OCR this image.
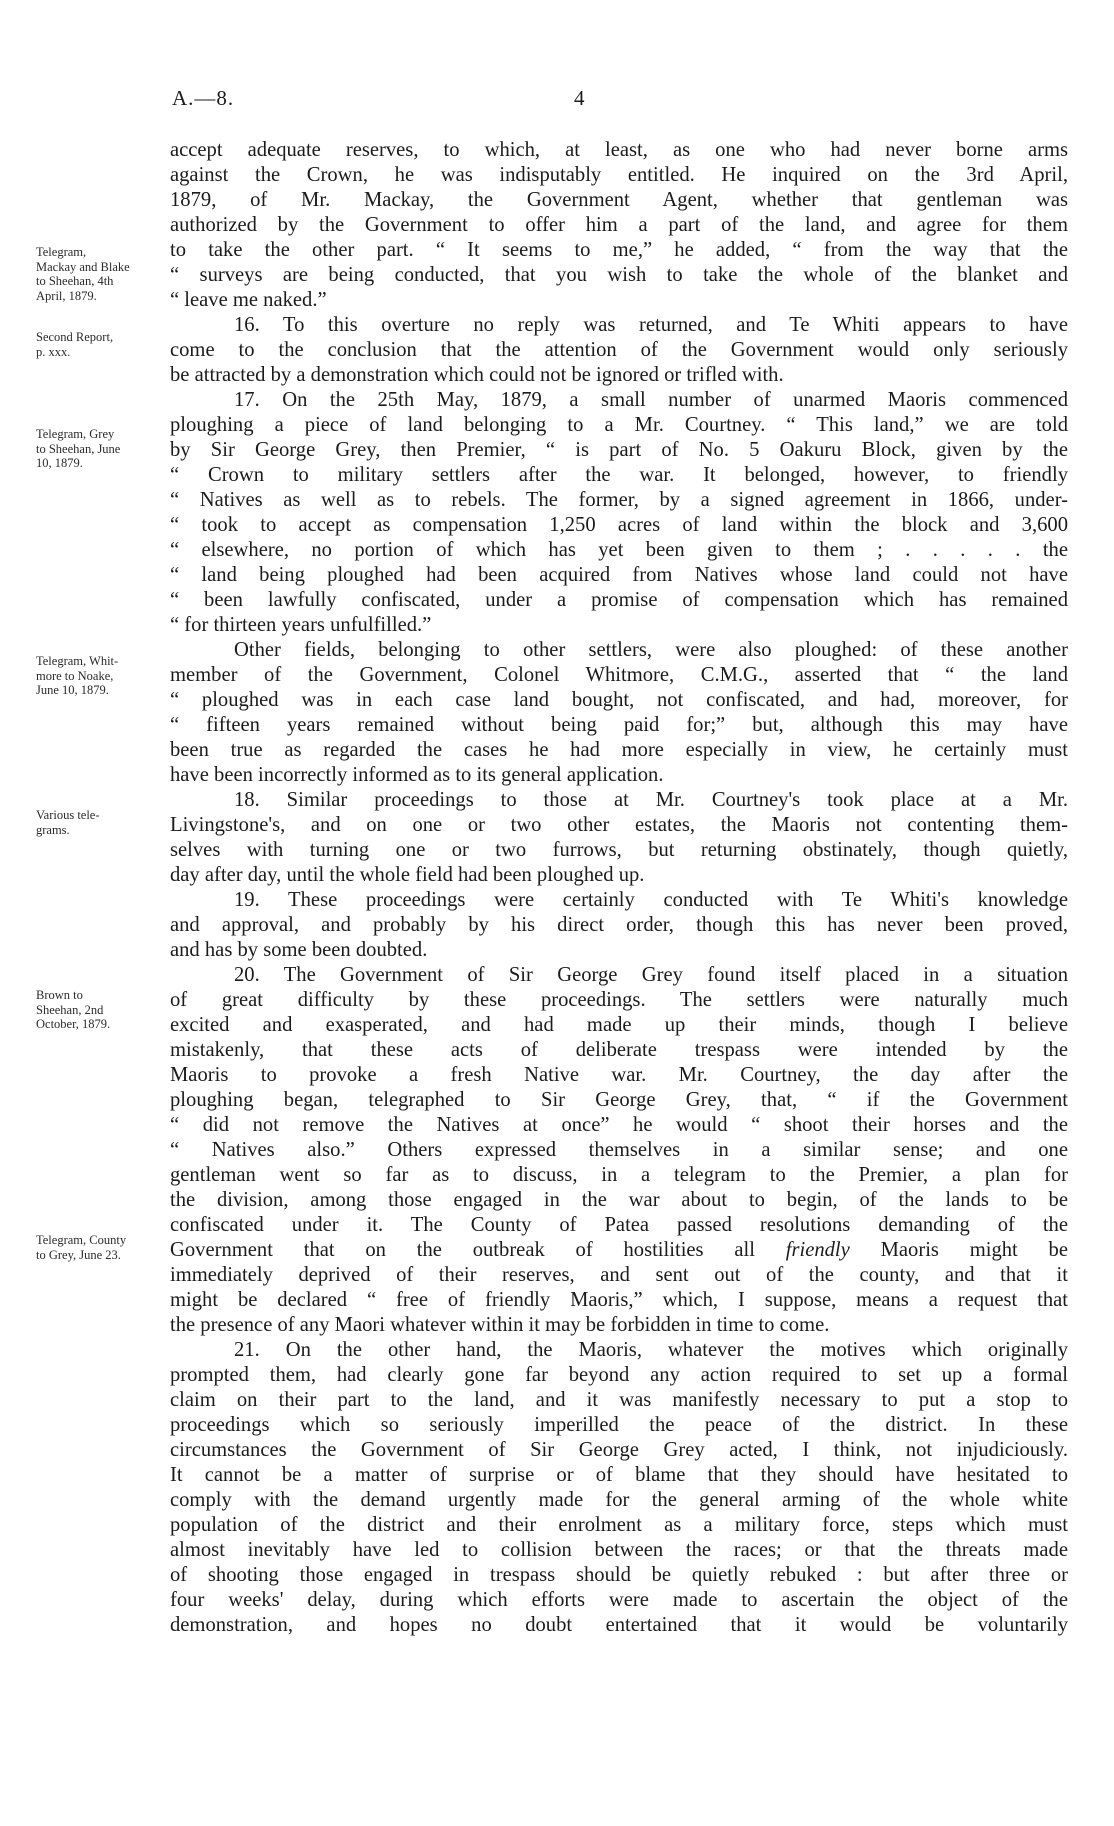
A.—8.	4
Telegram,
Mackay and Blake
to Sheehan, 4th
April, 1879.
Second Report,
p. xxx.
Telegram, Grey
to Sheehan, June
10, 1879.
Telegram, Whit-
more to Noake,
June 10, 1879.
Various tele-
grams.
Brown to
Sheehan, 2nd
October, 1879.
Telegram, County
to Grey, June 23.
accept adequate reserves, to which, at least, as one who had never borne arms
against the Crown, he was indisputably entitled. He inquired on the 3rd April,
1879, of Mr. Mackay, the Government Agent, whether that gentleman was
authorized by the Government to offer him a part of the land, and agree for them
to take the other part. “ It seems to me,” he added, “ from the way that the
“ surveys are being conducted, that you wish to take the whole of the blanket and
“ leave me naked.”
16. To this overture no reply was returned, and Te Whiti appears to have
come to the conclusion that the attention of the Government would only seriously
be attracted by a demonstration which could not be ignored or trifled with.
17. On the 25th May, 1879, a small number of unarmed Maoris commenced
ploughing a piece of land belonging to a Mr. Courtney. “ This land,” we are told
by Sir George Grey, then Premier, “ is part of No. 5 Oakuru Block, given by the
“ Crown to military settlers after the war. It belonged, however, to friendly
“ Natives as well as to rebels. The former, by a signed agreement in 1866, under-
“ took to accept as compensation 1,250 acres of land within the block and 3,600
“ elsewhere, no portion of which has yet been given to them ; . . . . . the
“ land being ploughed had been acquired from Natives whose land could not have
“ been lawfully confiscated, under a promise of compensation which has remained
“ for thirteen years unfulfilled.”
Other fields, belonging to other settlers, were also ploughed: of these another
member of the Government, Colonel Whitmore, C.M.G., asserted that “ the land
“ ploughed was in each case land bought, not confiscated, and had, moreover, for
“ fifteen years remained without being paid for;” but, although this may have
been true as regarded the cases he had more especially in view, he certainly must
have been incorrectly informed as to its general application.
18. Similar proceedings to those at Mr. Courtney's took place at a Mr.
Livingstone's, and on one or two other estates, the Maoris not contenting them-
selves with turning one or two furrows, but returning obstinately, though quietly,
day after day, until the whole field had been ploughed up.
19. These proceedings were certainly conducted with Te Whiti's knowledge
and approval, and probably by his direct order, though this has never been proved,
and has by some been doubted.
20. The Government of Sir George Grey found itself placed in a situation
of great difficulty by these proceedings. The settlers were naturally much
excited and exasperated, and had made up their minds, though I believe
mistakenly, that these acts of deliberate trespass were intended by the
Maoris to provoke a fresh Native war. Mr. Courtney, the day after the
ploughing began, telegraphed to Sir George Grey, that, “ if the Government
“ did not remove the Natives at once” he would “ shoot their horses and the
“ Natives also.” Others expressed themselves in a similar sense; and one
gentleman went so far as to discuss, in a telegram to the Premier, a plan for
the division, among those engaged in the war about to begin, of the lands to be
confiscated under it. The County of Patea passed resolutions demanding of the
Government that on the outbreak of hostilities all friendly Maoris might be
immediately deprived of their reserves, and sent out of the county, and that it
might be declared “ free of friendly Maoris,” which, I suppose, means a request that
the presence of any Maori whatever within it may be forbidden in time to come.
21. On the other hand, the Maoris, whatever the motives which originally
prompted them, had clearly gone far beyond any action required to set up a formal
claim on their part to the land, and it was manifestly necessary to put a stop to
proceedings which so seriously imperilled the peace of the district. In these
circumstances the Government of Sir George Grey acted, I think, not injudiciously.
It cannot be a matter of surprise or of blame that they should have hesitated to
comply with the demand urgently made for the general arming of the whole white
population of the district and their enrolment as a military force, steps which must
almost inevitably have led to collision between the races; or that the threats made
of shooting those engaged in trespass should be quietly rebuked : but after three or
four weeks' delay, during which efforts were made to ascertain the object of the
demonstration, and hopes no doubt entertained that it would be voluntarily
